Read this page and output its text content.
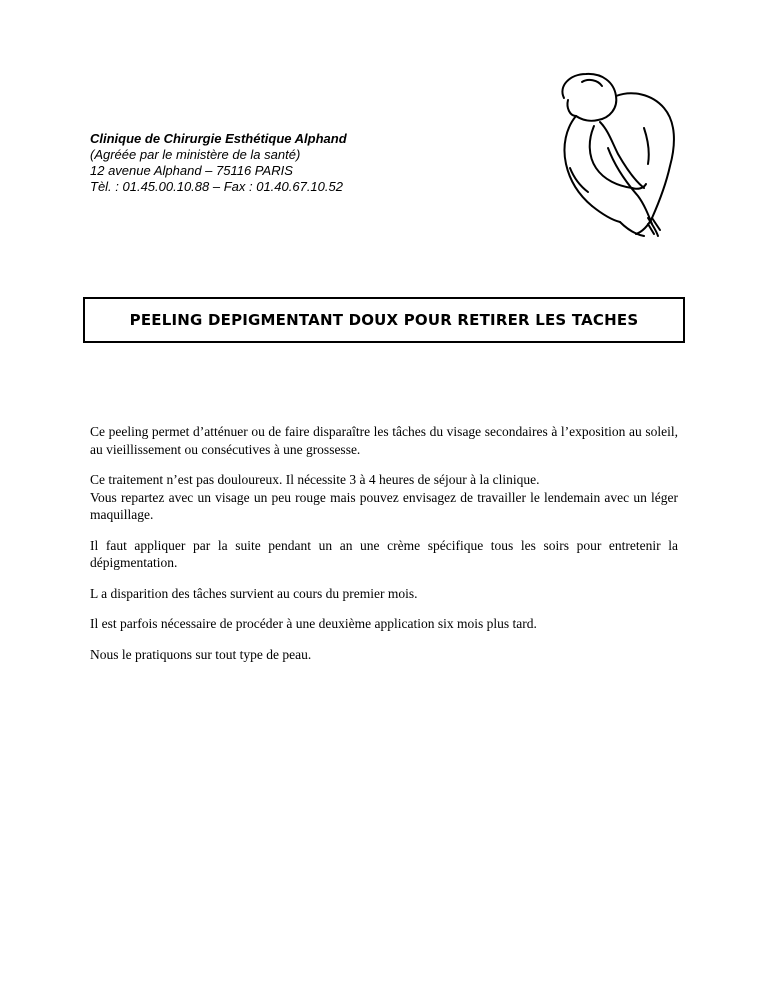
Clinique de Chirurgie Esthétique Alphand
(Agréée par le ministère de la santé)
12 avenue Alphand – 75116 PARIS
Tèl. : 01.45.00.10.88 – Fax : 01.40.67.10.52
PEELING DEPIGMENTANT DOUX POUR RETIRER LES TACHES

Ce peeling permet d’atténuer ou de faire disparaître les tâches du visage secondaires à l’exposition au soleil, au vieillissement ou consécutives à une grossesse.

Ce traitement n’est pas douloureux. Il nécessite 3 à 4 heures de séjour à la clinique.
Vous repartez avec un visage un peu rouge mais pouvez envisagez de travailler le lendemain avec un léger maquillage.

Il faut appliquer par la suite pendant un an une crème spécifique tous les soirs pour entretenir la dépigmentation.

L a disparition des tâches survient au cours du premier mois.

Il est parfois nécessaire de procéder à une deuxième application six mois plus tard.

Nous le pratiquons sur tout type de peau.
